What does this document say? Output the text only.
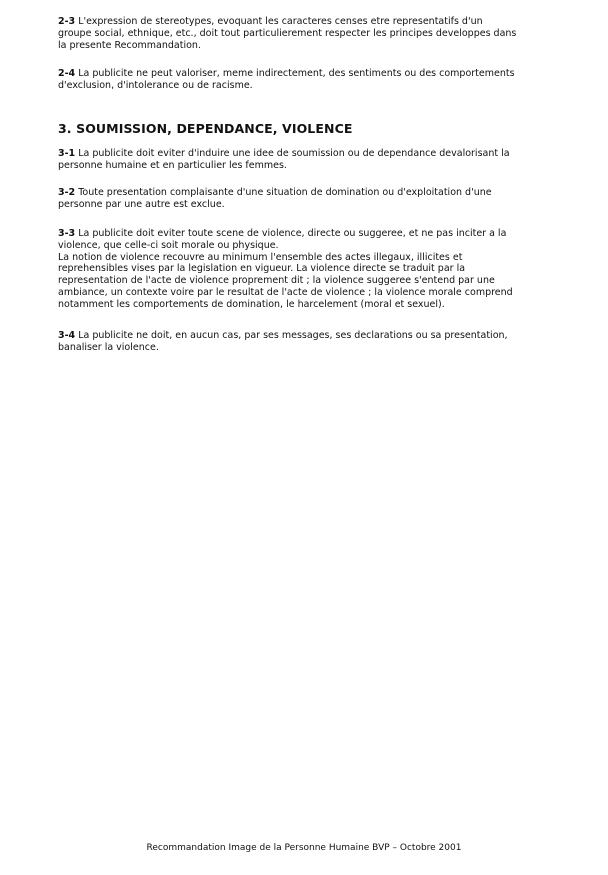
2-3 L'expression de stereotypes, evoquant les caracteres censes etre representatifs d'un
groupe social, ethnique, etc., doit tout particulierement respecter les principes developpes dans
la presente Recommandation.

2-4 La publicite ne peut valoriser, meme indirectement, des sentiments ou des comportements
d'exclusion, d'intolerance ou de racisme.

3. SOUMISSION, DEPENDANCE, VIOLENCE

3-1 La publicite doit eviter d'induire une idee de soumission ou de dependance devalorisant la
personne humaine et en particulier les femmes.

3-2 Toute presentation complaisante d'une situation de domination ou d'exploitation d'une
personne par une autre est exclue.

3-3 La publicite doit eviter toute scene de violence, directe ou suggeree, et ne pas inciter a la
violence, que celle-ci soit morale ou physique.
La notion de violence recouvre au minimum l'ensemble des actes illegaux, illicites et
reprehensibles vises par la legislation en vigueur. La violence directe se traduit par la
representation de l'acte de violence proprement dit ; la violence suggeree s'entend par une
ambiance, un contexte voire par le resultat de l'acte de violence ; la violence morale comprend
notamment les comportements de domination, le harcelement (moral et sexuel).

3-4 La publicite ne doit, en aucun cas, par ses messages, ses declarations ou sa presentation,
banaliser la violence.

Recommandation Image de la Personne Humaine BVP – Octobre 2001
